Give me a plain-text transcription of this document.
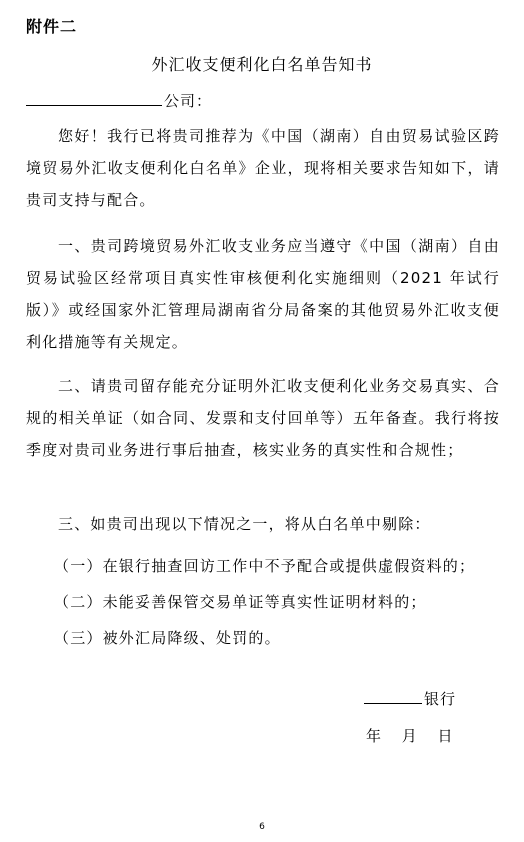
附件二
外汇收支便利化白名单告知书
公司：

您好！我行已将贵司推荐为《中国（湖南）自由贸易试验区跨境贸易外汇收支便利化白名单》企业，现将相关要求告知如下，请贵司支持与配合。

一、贵司跨境贸易外汇收支业务应当遵守《中国（湖南）自由贸易试验区经常项目真实性审核便利化实施细则（2021 年试行版）》或经国家外汇管理局湖南省分局备案的其他贸易外汇收支便利化措施等有关规定。

二、请贵司留存能充分证明外汇收支便利化业务交易真实、合规的相关单证（如合同、发票和支付回单等）五年备查。我行将按季度对贵司业务进行事后抽查，核实业务的真实性和合规性；

三、如贵司出现以下情况之一，将从白名单中剔除：

（一）在银行抽查回访工作中不予配合或提供虚假资料的；

（二）未能妥善保管交易单证等真实性证明材料的；

（三）被外汇局降级、处罚的。

银行
年 月 日
6
